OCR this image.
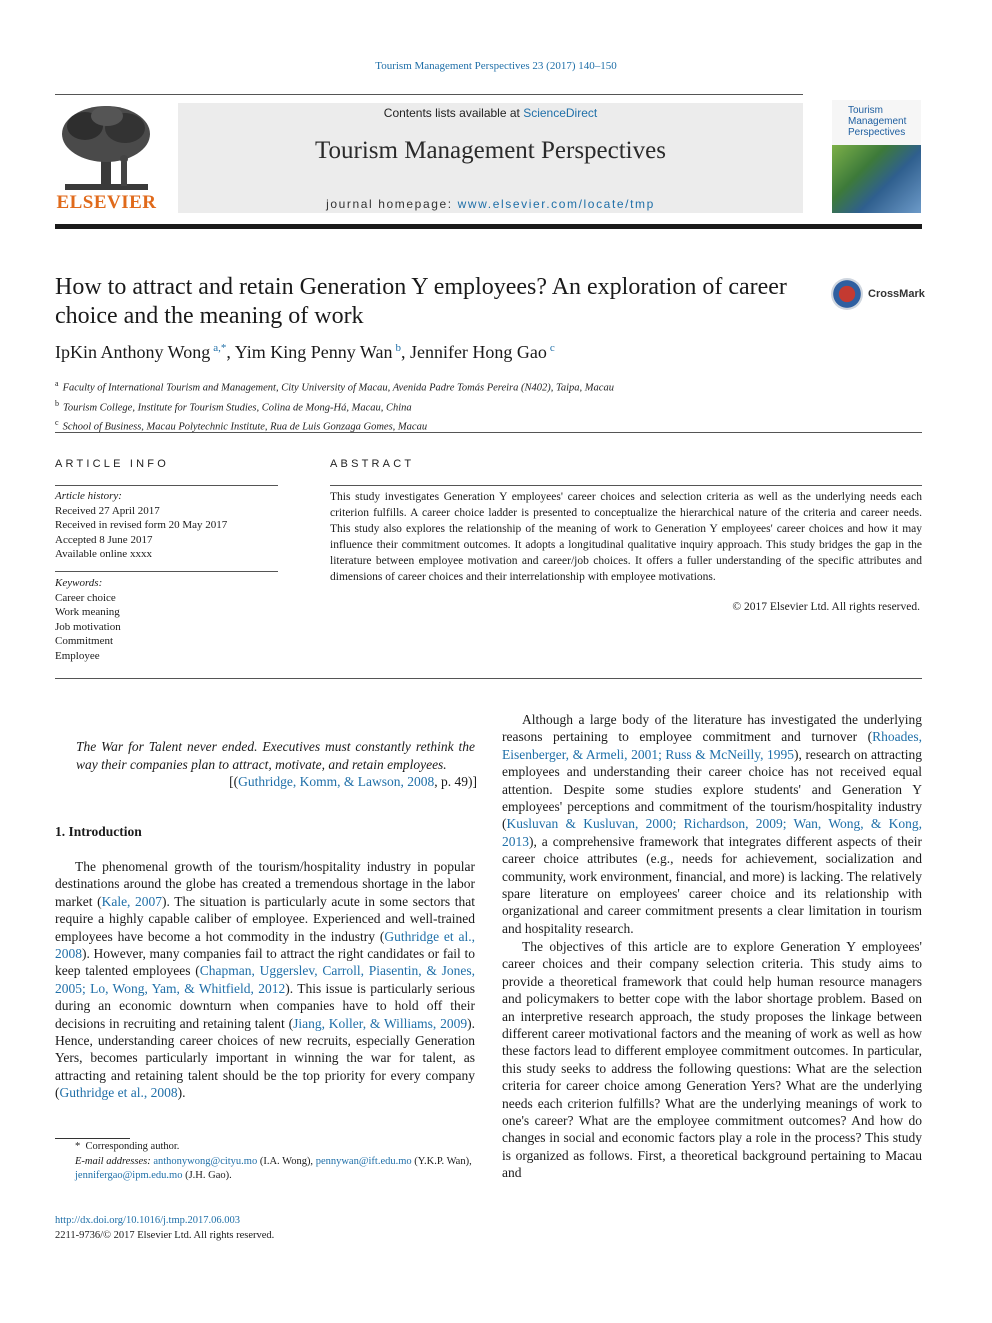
Tourism Management Perspectives 23 (2017) 140–150
ELSEVIER
Contents lists available at ScienceDirect
Tourism Management Perspectives
journal homepage: www.elsevier.com/locate/tmp
Tourism
Management
Perspectives
How to attract and retain Generation Y employees? An exploration of career choice and the meaning of work
CrossMark
IpKin Anthony Wong $^{a,*}$, Yim King Penny Wan $^b$, Jennifer Hong Gao $^c$
$^a$ Faculty of International Tourism and Management, City University of Macau, Avenida Padre Tomás Pereira (N402), Taipa, Macau
$^b$ Tourism College, Institute for Tourism Studies, Colina de Mong-Há, Macau, China
$^c$ School of Business, Macau Polytechnic Institute, Rua de Luis Gonzaga Gomes, Macau
ARTICLE INFO
Article history:
Received 27 April 2017
Received in revised form 20 May 2017
Accepted 8 June 2017
Available online xxxx
Keywords:
Career choice
Work meaning
Job motivation
Commitment
Employee
ABSTRACT
This study investigates Generation Y employees' career choices and selection criteria as well as the underlying needs each criterion fulfills. A career choice ladder is presented to conceptualize the hierarchical nature of the criteria and career needs. This study also explores the relationship of the meaning of work to Generation Y employees' career choices and how it may influence their commitment outcomes. It adopts a longitudinal qualitative inquiry approach. This study bridges the gap in the literature between employee motivation and career/job choices. It offers a fuller understanding of the specific attributes and dimensions of career choices and their interrelationship with employee motivations.
© 2017 Elsevier Ltd. All rights reserved.
The War for Talent never ended. Executives must constantly rethink the way their companies plan to attract, motivate, and retain employees.
[(Guthridge, Komm, & Lawson, 2008, p. 49)]
1. Introduction
The phenomenal growth of the tourism/hospitality industry in popular destinations around the globe has created a tremendous shortage in the labor market (Kale, 2007). The situation is particularly acute in some sectors that require a highly capable caliber of employee. Experienced and well-trained employees have become a hot commodity in the industry (Guthridge et al., 2008). However, many companies fail to attract the right candidates or fail to keep talented employees (Chapman, Uggerslev, Carroll, Piasentin, & Jones, 2005; Lo, Wong, Yam, & Whitfield, 2012). This issue is particularly serious during an economic downturn when companies have to hold off their decisions in recruiting and retaining talent (Jiang, Koller, & Williams, 2009). Hence, understanding career choices of new recruits, especially Generation Yers, becomes particularly important in winning the war for talent, as attracting and retaining talent should be the top priority for every company (Guthridge et al., 2008).
Although a large body of the literature has investigated the underlying reasons pertaining to employee commitment and turnover (Rhoades, Eisenberger, & Armeli, 2001; Russ & McNeilly, 1995), research on attracting employees and understanding their career choice has not received equal attention. Despite some studies explore students' and Generation Y employees' perceptions and commitment of the tourism/hospitality industry (Kusluvan & Kusluvan, 2000; Richardson, 2009; Wan, Wong, & Kong, 2013), a comprehensive framework that integrates different aspects of their career choice attributes (e.g., needs for achievement, socialization and community, work environment, financial, and more) is lacking. The relatively spare literature on employees' career choice and its relationship with organizational and career commitment presents a clear limitation in tourism and hospitality research.
The objectives of this article are to explore Generation Y employees' career choices and their company selection criteria. This study aims to provide a theoretical framework that could help human resource managers and policymakers to better cope with the labor shortage problem. Based on an interpretive research approach, the study proposes the linkage between different career motivational factors and the meaning of work as well as how these factors lead to different employee commitment outcomes. In particular, this study seeks to address the following questions: What are the selection criteria for career choice among Generation Yers? What are the underlying needs each criterion fulfills? What are the underlying meanings of work to one's career? What are the employee commitment outcomes? And how do changes in social and economic factors play a role in the process? This study is organized as follows. First, a theoretical background pertaining to Macau and
*  Corresponding author.
E-mail addresses: anthonywong@cityu.mo (I.A. Wong), pennywan@ift.edu.mo (Y.K.P. Wan), jennifergao@ipm.edu.mo (J.H. Gao).
http://dx.doi.org/10.1016/j.tmp.2017.06.003
2211-9736/© 2017 Elsevier Ltd. All rights reserved.
